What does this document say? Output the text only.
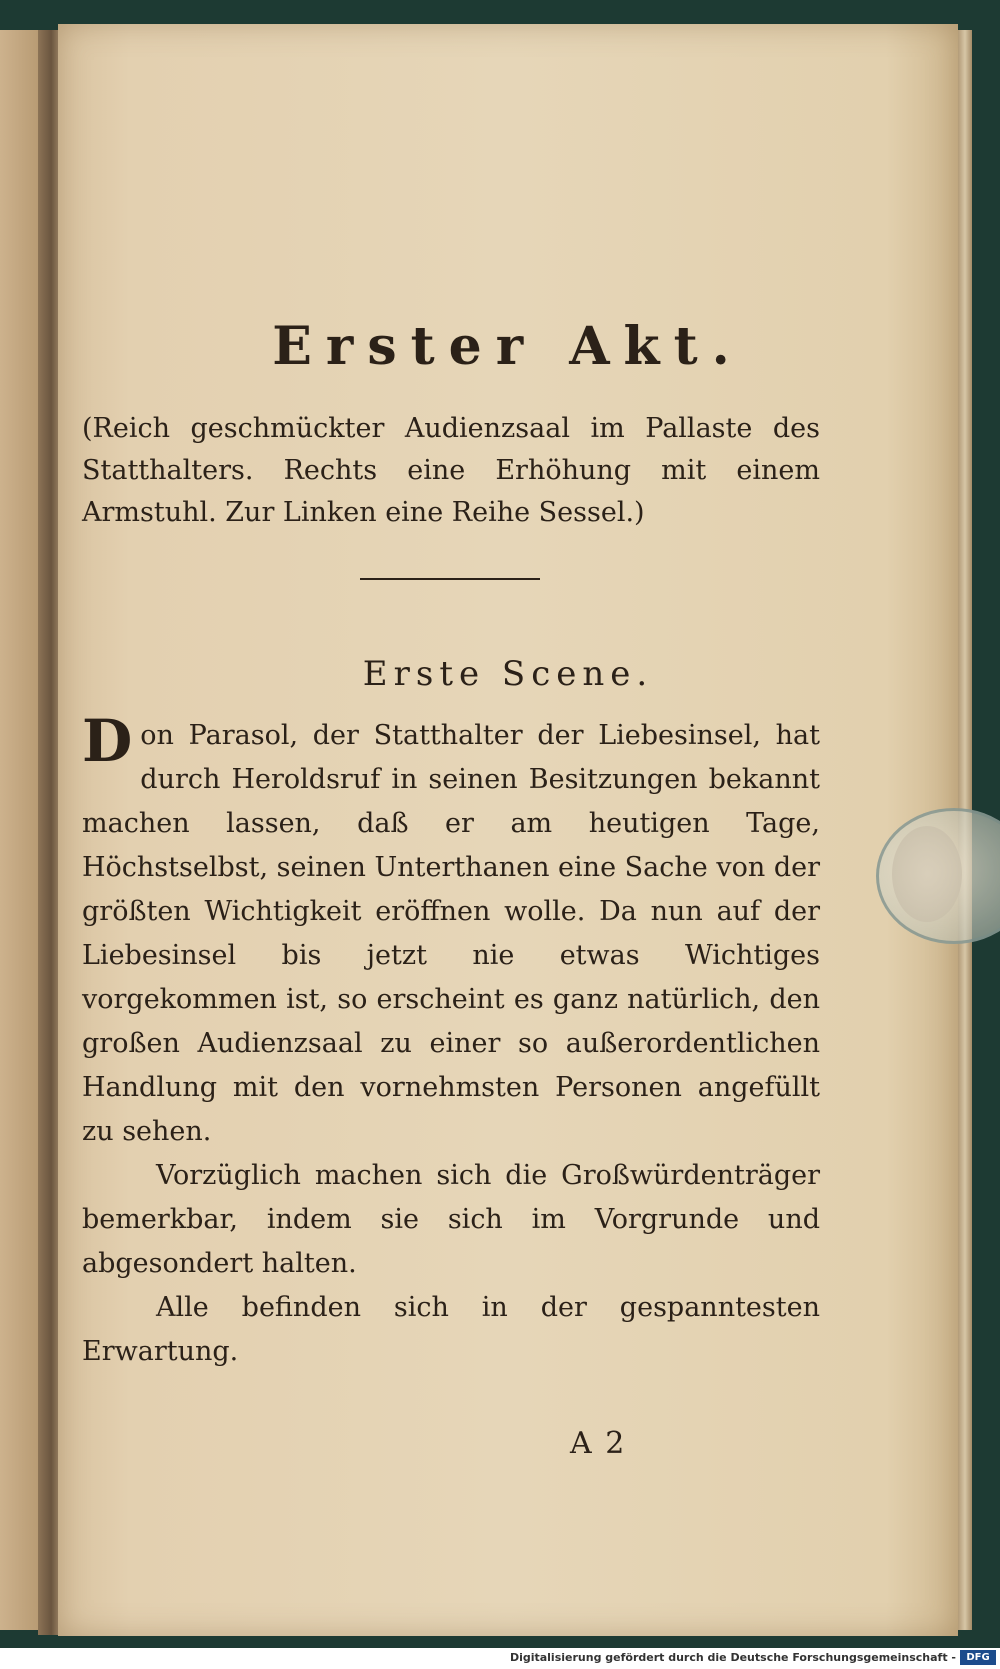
Erster Akt.
(Reich geschmückter Audienzsaal im Pallaste des Statthalters. Rechts eine Erhöhung mit einem Armstuhl. Zur Linken eine Reihe Sessel.)
Erste Scene.

Don Parasol, der Statthalter der Liebesinsel, hat durch Heroldsruf in seinen Besitzungen bekannt machen lassen, daß er am heutigen Tage, Höchstselbst, seinen Unterthanen eine Sache von der größten Wichtigkeit eröffnen wolle. Da nun auf der Liebesinsel bis jetzt nie etwas Wichtiges vorgekommen ist, so erscheint es ganz natürlich, den großen Audienzsaal zu einer so außerordentlichen Handlung mit den vornehmsten Personen angefüllt zu sehen.

Vorzüglich machen sich die Großwürdenträger bemerkbar, indem sie sich im Vorgrunde und abgesondert halten.

Alle befinden sich in der gespanntesten Erwartung.

A 2
Digitalisierung gefördert durch die Deutsche Forschungsgemeinschaft -	DFG
